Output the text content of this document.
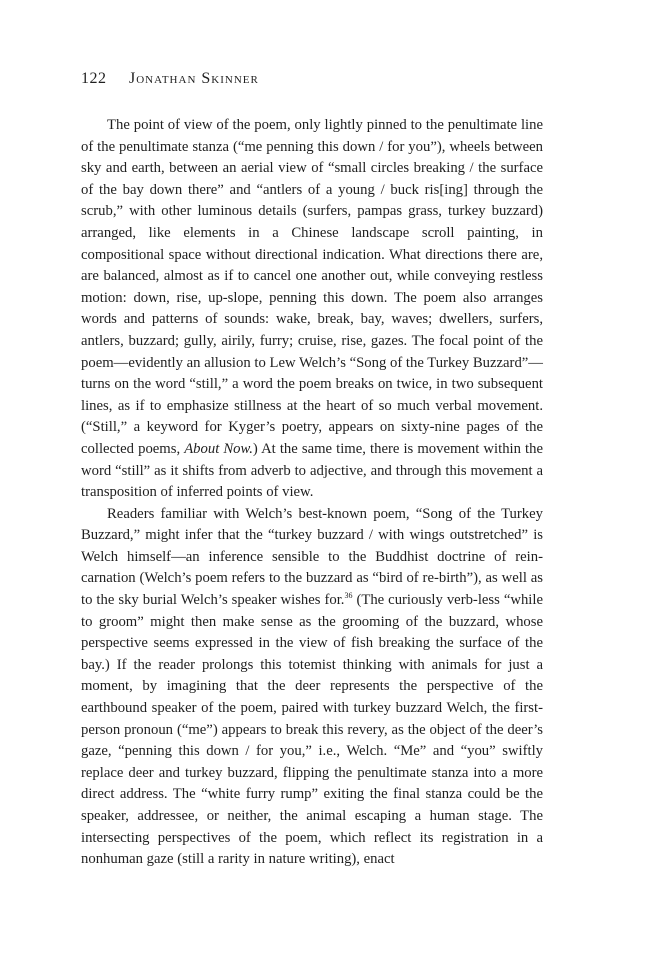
122 Jonathan Skinner

The point of view of the poem, only lightly pinned to the penultimate line of the penultimate stanza (“me penning this down / for you”), wheels between sky and earth, between an aerial view of “small circles breaking / the surface of the bay down there” and “antlers of a young / buck ris[ing] through the scrub,” with other luminous details (surfers, pampas grass, turkey buzzard) arranged, like elements in a Chinese landscape scroll painting, in compositional space without directional indication. What directions there are, are balanced, almost as if to cancel one another out, while conveying restless motion: down, rise, up-slope, penning this down. The poem also arranges words and patterns of sounds: wake, break, bay, waves; dwellers, surfers, antlers, buzzard; gully, airily, furry; cruise, rise, gazes. The focal point of the poem—evidently an allusion to Lew Welch’s “Song of the Turkey Buzzard”—turns on the word “still,” a word the poem breaks on twice, in two subsequent lines, as if to emphasize stillness at the heart of so much verbal movement. (“Still,” a keyword for Kyger’s poetry, appears on sixty-nine pages of the collected poems, About Now.) At the same time, there is movement within the word “still” as it shifts from adverb to adjective, and through this movement a transposition of inferred points of view.

Readers familiar with Welch’s best-known poem, “Song of the Turkey Buzzard,” might infer that the “turkey buzzard / with wings outstretched” is Welch himself—an inference sensible to the Buddhist doctrine of reincarnation (Welch’s poem refers to the buzzard as “bird of re-birth”), as well as to the sky burial Welch’s speaker wishes for.$^{36}$ (The curiously verb-less “while to groom” might then make sense as the grooming of the buzzard, whose perspective seems expressed in the view of fish breaking the surface of the bay.) If the reader prolongs this totemist thinking with animals for just a moment, by imagining that the deer represents the perspective of the earthbound speaker of the poem, paired with turkey buzzard Welch, the first-person pronoun (“me”) appears to break this revery, as the object of the deer’s gaze, “penning this down / for you,” i.e., Welch. “Me” and “you” swiftly replace deer and turkey buzzard, flipping the penultimate stanza into a more direct address. The “white furry rump” exiting the final stanza could be the speaker, addressee, or neither, the animal escaping a human stage. The intersecting perspectives of the poem, which reflect its registration in a nonhuman gaze (still a rarity in nature writing), enact
